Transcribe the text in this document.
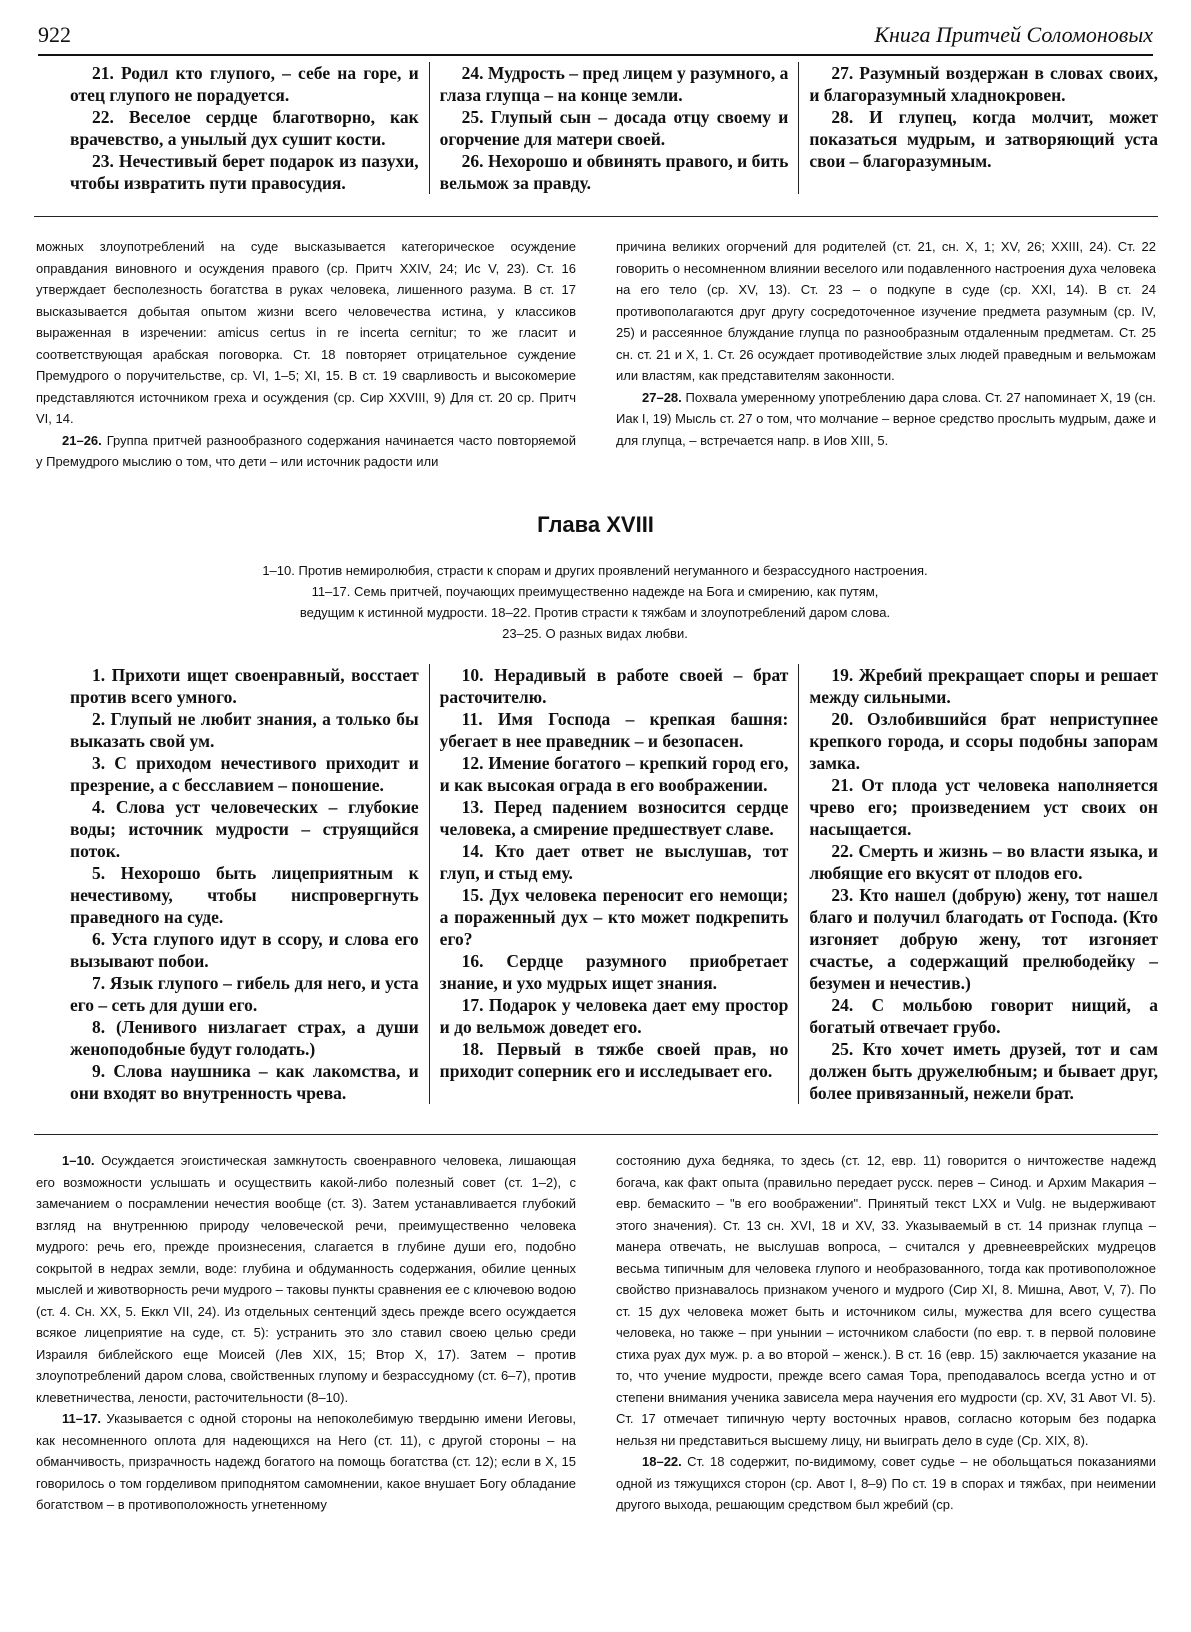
922	Книга Притчей Соломоновых

21. Родил кто глупого, – себе на горе, и отец глупого не порадуется.

22. Веселое сердце благотворно, как врачевство, а унылый дух сушит кости.

23. Нечестивый берет подарок из пазухи, чтобы извратить пути правосудия.

24. Мудрость – пред лицем у разумного, а глаза глупца – на конце земли.

25. Глупый сын – досада отцу своему и огорчение для матери своей.

26. Нехорошо и обвинять правого, и бить вельмож за правду.

27. Разумный воздержан в словах своих, и благоразумный хладнокровен.

28. И глупец, когда молчит, может показаться мудрым, и затворяющий уста свои – благоразумным.

можных злоупотреблений на суде высказывается категорическое осуждение оправдания виновного и осуждения правого (ср. Притч XXIV, 24; Ис V, 23). Ст. 16 утверждает бесполезность богатства в руках человека, лишенного разума. В ст. 17 высказывается добытая опытом жизни всего человечества истина, у классиков выраженная в изречении: amicus certus in re incerta cernitur; то же гласит и соответствующая арабская поговорка. Ст. 18 повторяет отрицательное суждение Премудрого о поручительстве, ср. VI, 1–5; XI, 15. В ст. 19 сварливость и высокомерие представляются источником греха и осуждения (ср. Сир XXVIII, 9) Для ст. 20 ср. Притч VI, 14.

21–26. Группа притчей разнообразного содержания начинается часто повторяемой у Премудрого мыслию о том, что дети – или источник радости или

причина великих огорчений для родителей (ст. 21, сн. X, 1; XV, 26; XXIII, 24). Ст. 22 говорить о несомненном влиянии веселого или подавленного настроения духа человека на его тело (ср. XV, 13). Ст. 23 – о подкупе в суде (ср. XXI, 14). В ст. 24 противополагаются друг другу сосредоточенное изучение предмета разумным (ср. IV, 25) и рассеянное блуждание глупца по разнообразным отдаленным предметам. Ст. 25 сн. ст. 21 и X, 1. Ст. 26 осуждает противодействие злых людей праведным и вельможам или властям, как представителям законности.

27–28. Похвала умеренному употреблению дара слова. Ст. 27 напоминает X, 19 (сн. Иак I, 19) Мысль ст. 27 о том, что молчание – верное средство прослыть мудрым, даже и для глупца, – встречается напр. в Иов XIII, 5.

Глава XVIII
1–10. Против немиролюбия, страсти к спорам и других проявлений негуманного и безрассудного настроения.
11–17. Семь притчей, поучающих преимущественно надежде на Бога и смирению, как путям,
ведущим к истинной мудрости. 18–22. Против страсти к тяжбам и злоупотреблений даром слова.
23–25. О разных видах любви.

1. Прихоти ищет своенравный, восстает против всего умного.

2. Глупый не любит знания, а только бы выказать свой ум.

3. С приходом нечестивого приходит и презрение, а с бесславием – поношение.

4. Слова уст человеческих – глубокие воды; источник мудрости – струящийся поток.

5. Нехорошо быть лицеприятным к нечестивому, чтобы ниспровергнуть праведного на суде.

6. Уста глупого идут в ссору, и слова его вызывают побои.

7. Язык глупого – гибель для него, и уста его – сеть для души его.

8. (Ленивого низлагает страх, а души женоподобные будут голодать.)

9. Слова наушника – как лакомства, и они входят во внутренность чрева.

10. Нерадивый в работе своей – брат расточителю.

11. Имя Господа – крепкая башня: убегает в нее праведник – и безопасен.

12. Имение богатого – крепкий город его, и как высокая ограда в его воображении.

13. Перед падением возносится сердце человека, а смирение предшествует славе.

14. Кто дает ответ не выслушав, тот глуп, и стыд ему.

15. Дух человека переносит его немощи; а пораженный дух – кто может подкрепить его?

16. Сердце разумного приобретает знание, и ухо мудрых ищет знания.

17. Подарок у человека дает ему простор и до вельмож доведет его.

18. Первый в тяжбе своей прав, но приходит соперник его и исследывает его.

19. Жребий прекращает споры и решает между сильными.

20. Озлобившийся брат неприступнее крепкого города, и ссоры подобны запорам замка.

21. От плода уст человека наполняется чрево его; произведением уст своих он насыщается.

22. Смерть и жизнь – во власти языка, и любящие его вкусят от плодов его.

23. Кто нашел (добрую) жену, тот нашел благо и получил благодать от Господа. (Кто изгоняет добрую жену, тот изгоняет счастье, а содержащий прелюбодейку – безумен и нечестив.)

24. С мольбою говорит нищий, а богатый отвечает грубо.

25. Кто хочет иметь друзей, тот и сам должен быть дружелюбным; и бывает друг, более привязанный, нежели брат.

1–10. Осуждается эгоистическая замкнутость своенравного человека, лишающая его возможности услышать и осуществить какой-либо полезный совет (ст. 1–2), с замечанием о посрамлении нечестия вообще (ст. 3). Затем устанавливается глубокий взгляд на внутреннюю природу человеческой речи, преимущественно человека мудрого: речь его, прежде произнесения, слагается в глубине души его, подобно сокрытой в недрах земли, воде: глубина и обдуманность содержания, обилие ценных мыслей и животворность речи мудрого – таковы пункты сравнения ее с ключевою водою (ст. 4. Сн. XX, 5. Еккл VII, 24). Из отдельных сентенций здесь прежде всего осуждается всякое лицеприятие на суде, ст. 5): устранить это зло ставил своею целью среди Израиля библейского еще Моисей (Лев XIX, 15; Втор X, 17). Затем – против злоупотреблений даром слова, свойственных глупому и безрассудному (ст. 6–7), против клеветничества, лености, расточительности (8–10).

11–17. Указывается с одной стороны на непоколебимую твердыню имени Иеговы, как несомненного оплота для надеющихся на Него (ст. 11), с другой стороны – на обманчивость, призрачность надежд богатого на помощь богатства (ст. 12); если в X, 15 говорилось о том горделивом приподнятом самомнении, какое внушает Богу обладание богатством – в противоположность угнетенному

состоянию духа бедняка, то здесь (ст. 12, евр. 11) говорится о ничтожестве надежд богача, как факт опыта (правильно передает русск. перев – Синод. и Архим Макария – евр. бемаскито – "в его воображении". Принятый текст LXX и Vulg. не выдерживают этого значения). Ст. 13 сн. XVI, 18 и XV, 33. Указываемый в ст. 14 признак глупца – манера отвечать, не выслушав вопроса, – считался у древнееврейских мудрецов весьма типичным для человека глупого и необразованного, тогда как противоположное свойство признавалось признаком ученого и мудрого (Сир XI, 8. Мишна, Авот, V, 7). По ст. 15 дух человека может быть и источником силы, мужества для всего существа человека, но также – при унынии – источником слабости (по евр. т. в первой половине стиха руах дух муж. р. а во второй – женск.). В ст. 16 (евр. 15) заключается указание на то, что учение мудрости, прежде всего самая Тора, преподавалось всегда устно и от степени внимания ученика зависела мера научения его мудрости (ср. XV, 31 Авот VI. 5). Ст. 17 отмечает типичную черту восточных нравов, согласно которым без подарка нельзя ни представиться высшему лицу, ни выиграть дело в суде (Ср. XIX, 8).

18–22. Ст. 18 содержит, по-видимому, совет судье – не обольщаться показаниями одной из тяжущихся сторон (ср. Авот I, 8–9) По ст. 19 в спорах и тяжбах, при неимении другого выхода, решающим средством был жребий (ср.
